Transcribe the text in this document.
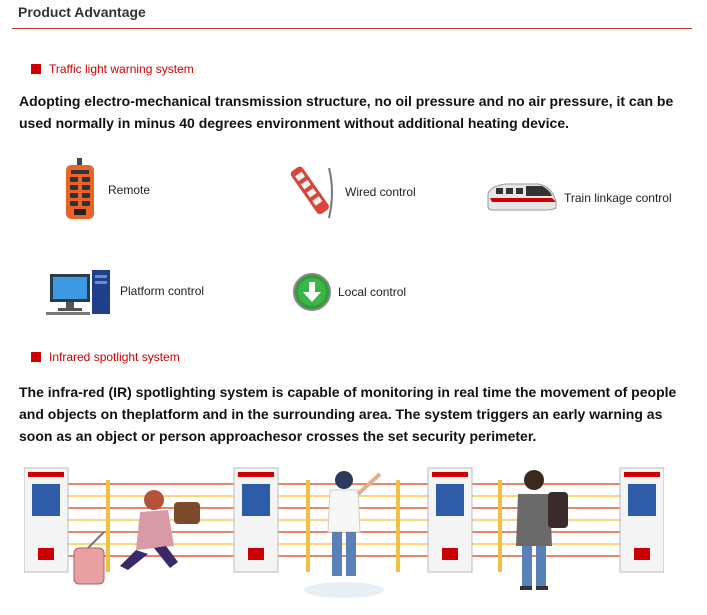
Product Advantage
Traffic light warning system
Adopting electro-mechanical transmission structure, no oil pressure and no air pressure, it can be used normally in minus 40 degrees environment without additional heating device.
Remote	Wired control	Train linkage control
Platform control	Local control
Infrared spotlight system
The infra-red (IR) spotlighting system is capable of monitoring in real time the movement of people and objects on theplatform and in the surrounding area. The system triggers an early warning as soon as an object or person approachesor crosses the set security perimeter.
